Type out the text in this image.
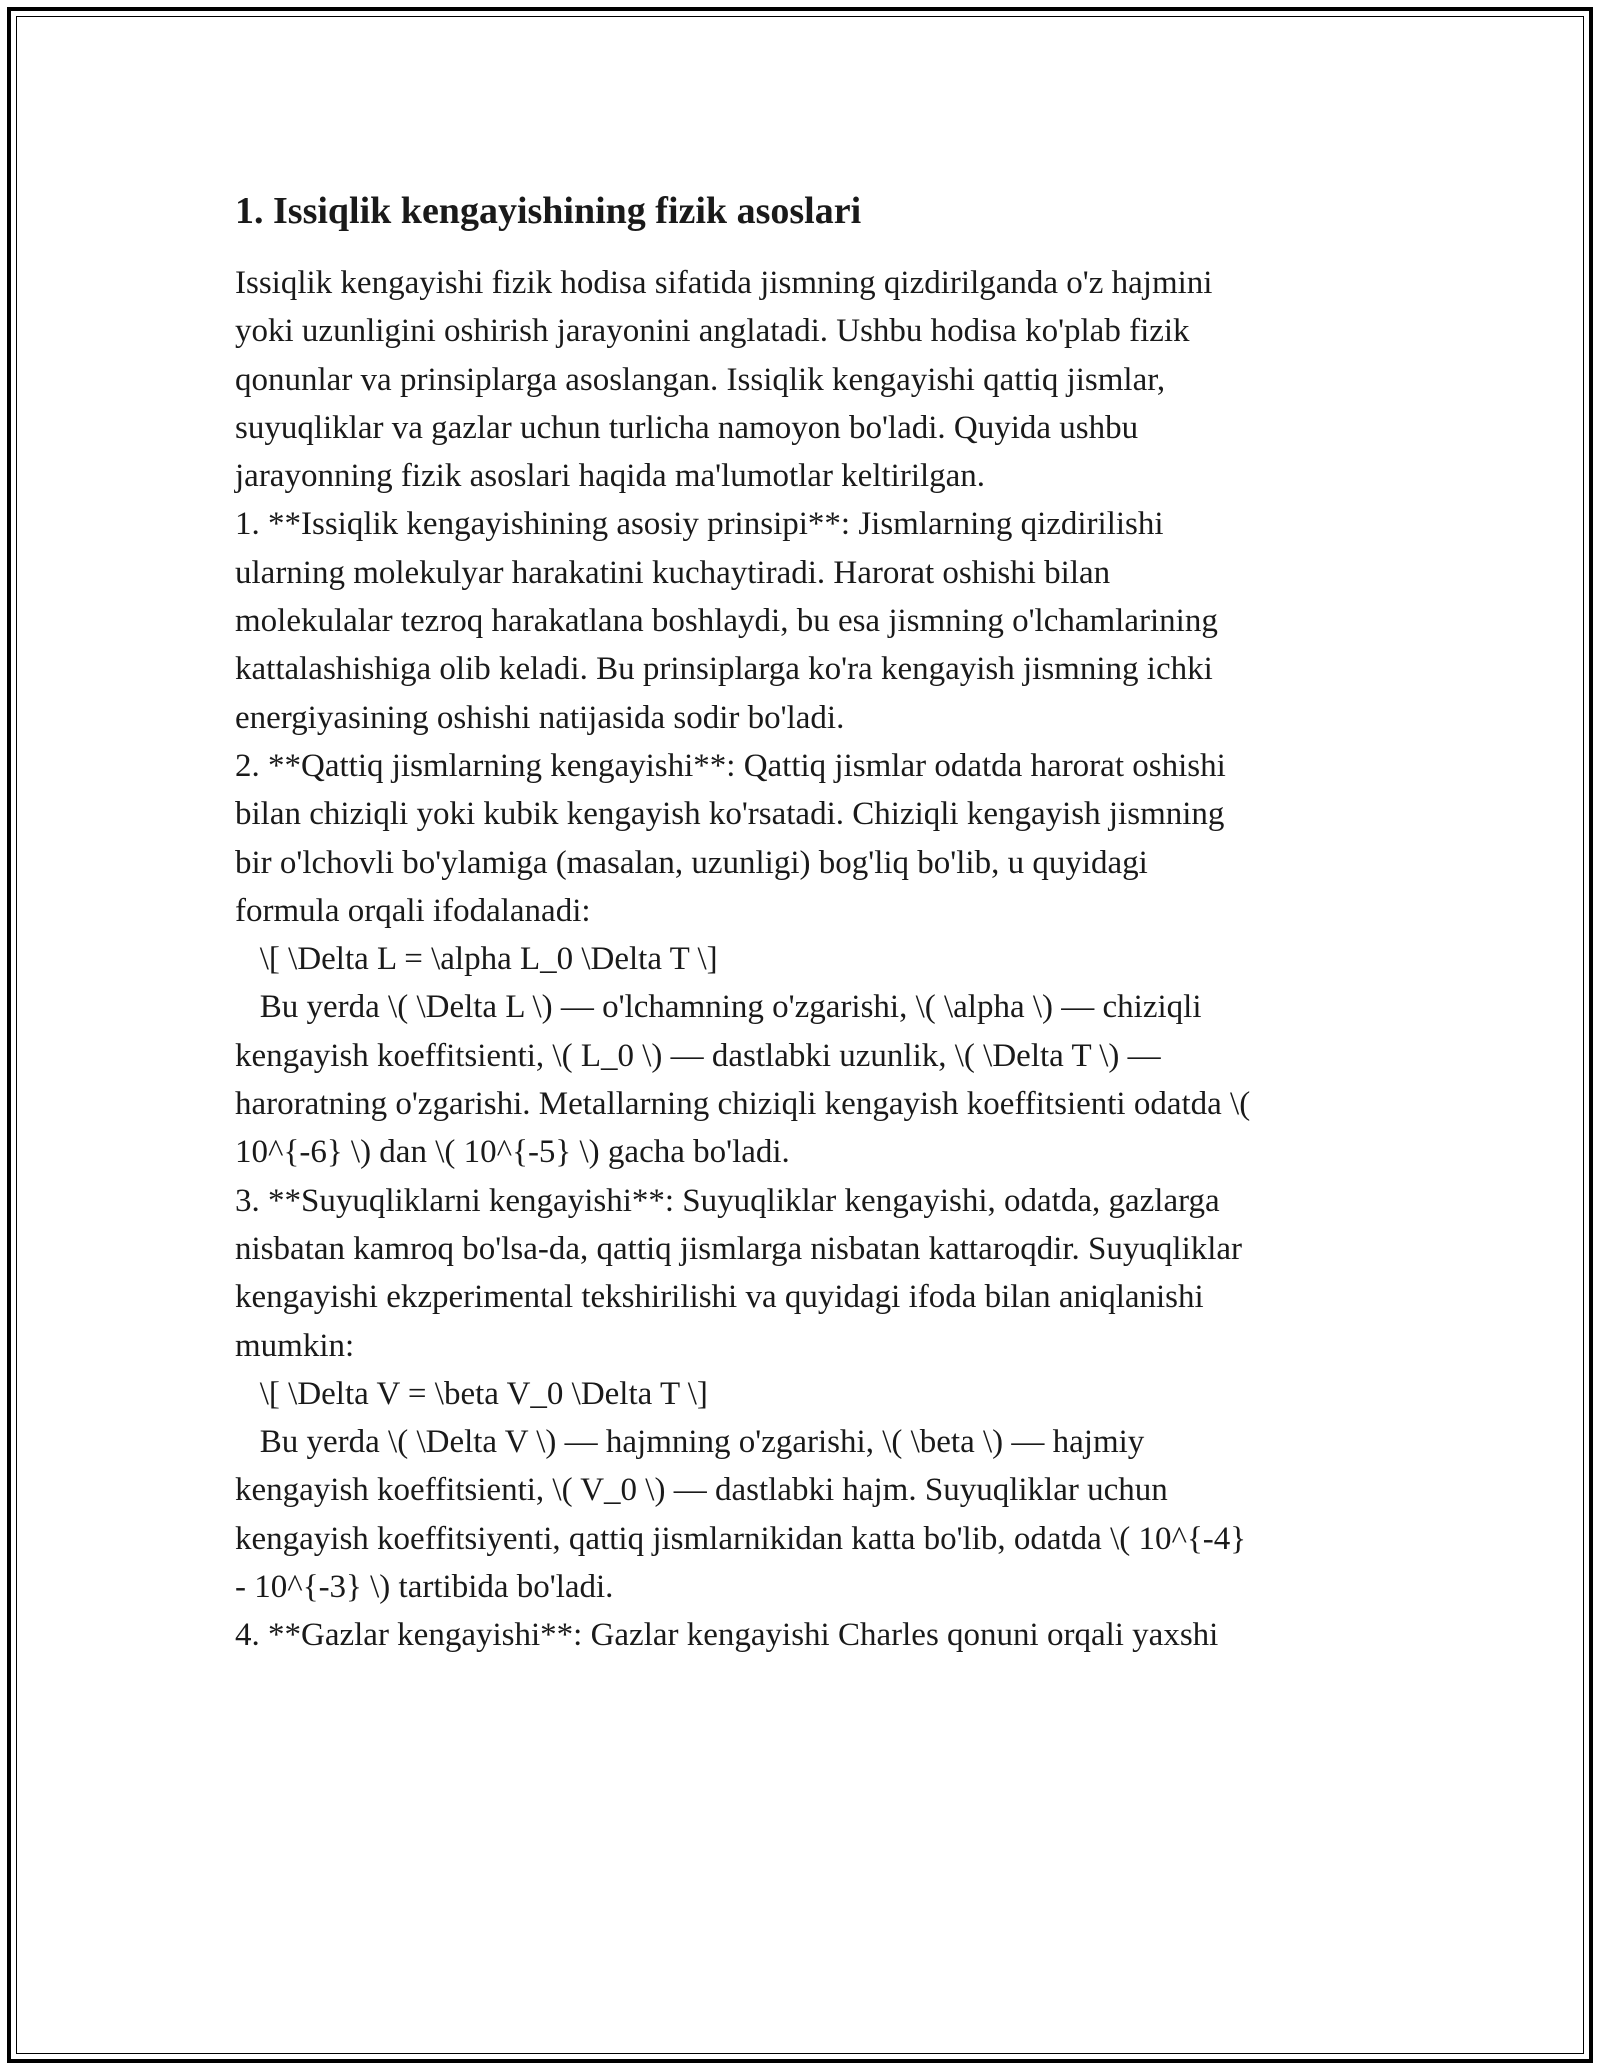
1. Issiqlik kengayishining fizik asoslari

Issiqlik kengayishi fizik hodisa sifatida jismning qizdirilganda o'z hajmini
yoki uzunligini oshirish jarayonini anglatadi. Ushbu hodisa ko'plab fizik
qonunlar va prinsiplarga asoslangan. Issiqlik kengayishi qattiq jismlar,
suyuqliklar va gazlar uchun turlicha namoyon bo'ladi. Quyida ushbu
jarayonning fizik asoslari haqida ma'lumotlar keltirilgan.

1. **Issiqlik kengayishining asosiy prinsipi**: Jismlarning qizdirilishi
ularning molekulyar harakatini kuchaytiradi. Harorat oshishi bilan
molekulalar tezroq harakatlana boshlaydi, bu esa jismning o'lchamlarining
kattalashishiga olib keladi. Bu prinsiplarga ko'ra kengayish jismning ichki
energiyasining oshishi natijasida sodir bo'ladi.

2. **Qattiq jismlarning kengayishi**: Qattiq jismlar odatda harorat oshishi
bilan chiziqli yoki kubik kengayish ko'rsatadi. Chiziqli kengayish jismning
bir o'lchovli bo'ylamiga (masalan, uzunligi) bog'liq bo'lib, u quyidagi
formula orqali ifodalanadi:
\[ \Delta L = \alpha L_0 \Delta T \]
Bu yerda \( \Delta L \) — o'lchamning o'zgarishi, \( \alpha \) — chiziqli
kengayish koeffitsienti, \( L_0 \) — dastlabki uzunlik, \( \Delta T \) —
haroratning o'zgarishi. Metallarning chiziqli kengayish koeffitsienti odatda \(
10^{-6} \) dan \( 10^{-5} \) gacha bo'ladi.

3. **Suyuqliklarni kengayishi**: Suyuqliklar kengayishi, odatda, gazlarga
nisbatan kamroq bo'lsa-da, qattiq jismlarga nisbatan kattaroqdir. Suyuqliklar
kengayishi ekzperimental tekshirilishi va quyidagi ifoda bilan aniqlanishi
mumkin:
\[ \Delta V = \beta V_0 \Delta T \]
Bu yerda \( \Delta V \) — hajmning o'zgarishi, \( \beta \) — hajmiy
kengayish koeffitsienti, \( V_0 \) — dastlabki hajm. Suyuqliklar uchun
kengayish koeffitsiyenti, qattiq jismlarnikidan katta bo'lib, odatda \( 10^{-4}
- 10^{-3} \) tartibida bo'ladi.

4. **Gazlar kengayishi**: Gazlar kengayishi Charles qonuni orqali yaxshi
